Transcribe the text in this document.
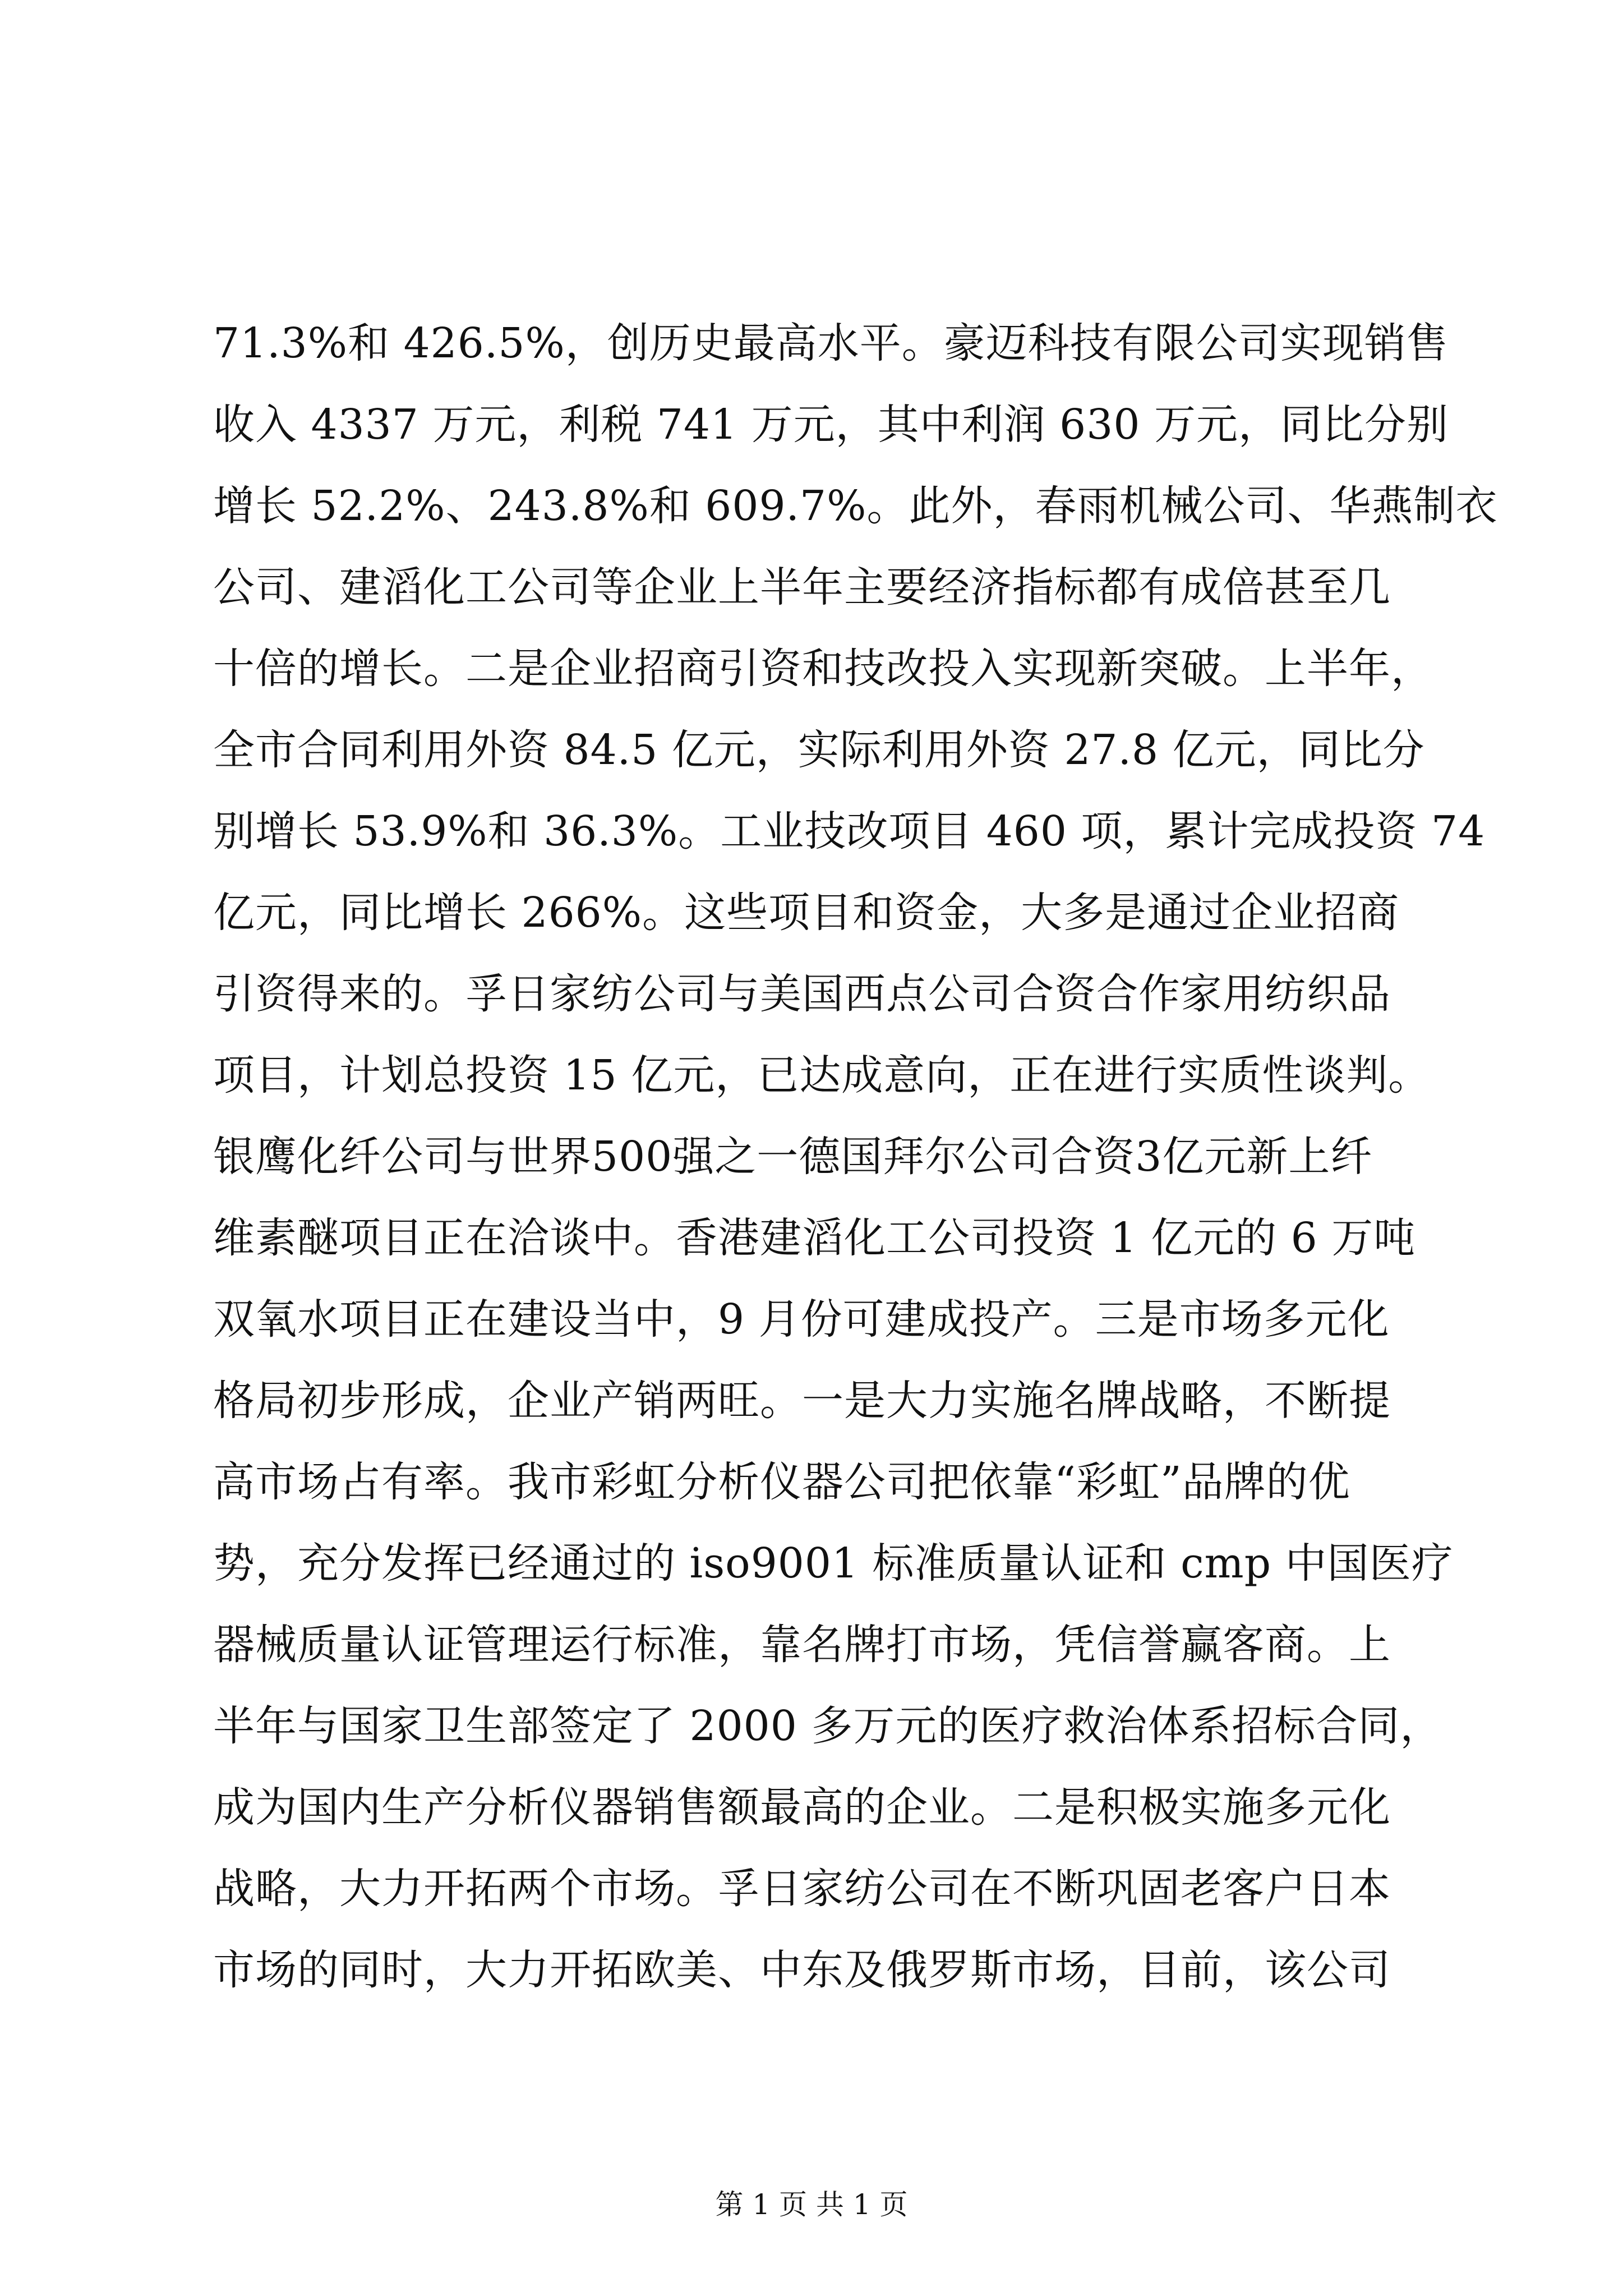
71.3%和 426.5%，创历史最高水平。豪迈科技有限公司实现销售
收入 4337 万元，利税 741 万元，其中利润 630 万元，同比分别
增长 52.2%、243.8%和 609.7%。此外，春雨机械公司、华燕制衣
公司、建滔化工公司等企业上半年主要经济指标都有成倍甚至几
十倍的增长。二是企业招商引资和技改投入实现新突破。上半年，
全市合同利用外资 84.5 亿元，实际利用外资 27.8 亿元，同比分
别增长 53.9%和 36.3%。工业技改项目 460 项，累计完成投资 74
亿元，同比增长 266%。这些项目和资金，大多是通过企业招商
引资得来的。孚日家纺公司与美国西点公司合资合作家用纺织品
项目，计划总投资 15 亿元，已达成意向，正在进行实质性谈判。
银鹰化纤公司与世界500强之一德国拜尔公司合资3亿元新上纤
维素醚项目正在洽谈中。香港建滔化工公司投资 1 亿元的 6 万吨
双氧水项目正在建设当中，9 月份可建成投产。三是市场多元化
格局初步形成，企业产销两旺。一是大力实施名牌战略，不断提
高市场占有率。我市彩虹分析仪器公司把依靠“彩虹”品牌的优
势，充分发挥已经通过的 iso9001 标准质量认证和 cmp 中国医疗
器械质量认证管理运行标准，靠名牌打市场，凭信誉赢客商。上
半年与国家卫生部签定了 2000 多万元的医疗救治体系招标合同，
成为国内生产分析仪器销售额最高的企业。二是积极实施多元化
战略，大力开拓两个市场。孚日家纺公司在不断巩固老客户日本
市场的同时，大力开拓欧美、中东及俄罗斯市场，目前，该公司
第 1 页 共 1 页
